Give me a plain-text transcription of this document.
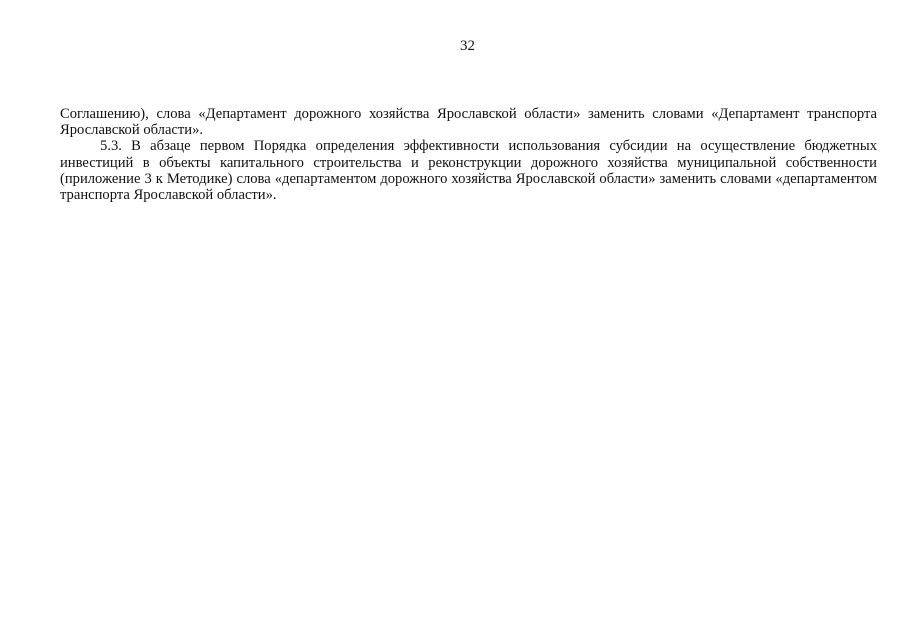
32

Соглашению), слова «Департамент дорожного хозяйства Ярославской области» заменить словами «Департамент транспорта Ярославской области».

5.3. В абзаце первом Порядка определения эффективности использования субсидии на осуществление бюджетных инвестиций в объекты капитального строительства и реконструкции дорожного хозяйства муниципальной собственности (приложение 3 к Методике) слова «департаментом дорожного хозяйства Ярославской области» заменить словами «департаментом транспорта Ярославской области».
